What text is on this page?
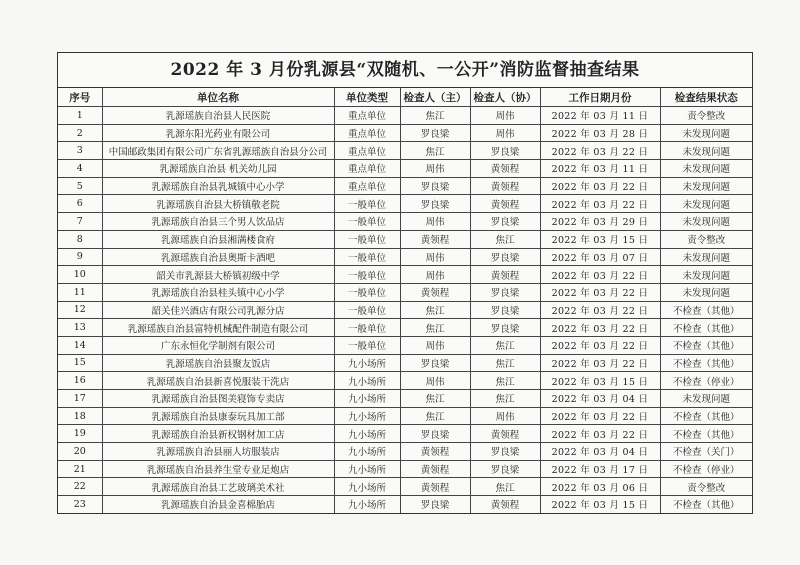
2022 年 3 月份乳源县“双随机、一公开”消防监督抽查结果
序号	单位名称	单位类型	检查人（主）	检查人（协）	工作日期月份	检查结果状态
1	乳源瑶族自治县人民医院	重点单位	焦江	周伟	2022 年 03 月 11 日	责令整改
2	乳源东阳光药业有限公司	重点单位	罗良梁	周伟	2022 年 03 月 28 日	未发现问题
3	中国邮政集团有限公司广东省乳源瑶族自治县分公司	重点单位	焦江	罗良梁	2022 年 03 月 22 日	未发现问题
4	乳源瑶族自治县 机关幼儿园	重点单位	周伟	黄领程	2022 年 03 月 11 日	未发现问题
5	乳源瑶族自治县乳城镇中心小学	重点单位	罗良梁	黄领程	2022 年 03 月 22 日	未发现问题
6	乳源瑶族自治县大桥镇敬老院	一般单位	罗良梁	黄领程	2022 年 03 月 22 日	未发现问题
7	乳源瑶族自治县三个男人饮品店	一般单位	周伟	罗良梁	2022 年 03 月 29 日	未发现问题
8	乳源瑶族自治县湘满楼食府	一般单位	黄领程	焦江	2022 年 03 月 15 日	责令整改
9	乳源瑶族自治县奥斯卡酒吧	一般单位	周伟	罗良梁	2022 年 03 月 07 日	未发现问题
10	韶关市乳源县大桥镇初级中学	一般单位	周伟	黄领程	2022 年 03 月 22 日	未发现问题
11	乳源瑶族自治县桂头镇中心小学	一般单位	黄领程	罗良梁	2022 年 03 月 22 日	未发现问题
12	韶关佳兴酒店有限公司乳源分店	一般单位	焦江	罗良梁	2022 年 03 月 22 日	不检查（其他）
13	乳源瑶族自治县富特机械配件制造有限公司	一般单位	焦江	罗良梁	2022 年 03 月 22 日	不检查（其他）
14	广东永恒化学制剂有限公司	一般单位	周伟	焦江	2022 年 03 月 22 日	不检查（其他）
15	乳源瑶族自治县聚友饭店	九小场所	罗良梁	焦江	2022 年 03 月 22 日	不检查（其他）
16	乳源瑶族自治县新喜悦服装干洗店	九小场所	周伟	焦江	2022 年 03 月 15 日	不检查（停业）
17	乳源瑶族自治县图美寝饰专卖店	九小场所	焦江	焦江	2022 年 03 月 04 日	未发现问题
18	乳源瑶族自治县康泰玩具加工部	九小场所	焦江	周伟	2022 年 03 月 22 日	不检查（其他）
19	乳源瑶族自治县新权钢材加工店	九小场所	罗良梁	黄领程	2022 年 03 月 22 日	不检查（其他）
20	乳源瑶族自治县丽人坊服装店	九小场所	黄领程	罗良梁	2022 年 03 月 04 日	不检查（关门）
21	乳源瑶族自治县养生堂专业足炮店	九小场所	黄领程	罗良梁	2022 年 03 月 17 日	不检查（停业）
22	乳源瑶族自治县工艺玻璃美术社	九小场所	黄领程	焦江	2022 年 03 月 06 日	责令整改
23	乳源瑶族自治县金喜棉胎店	九小场所	罗良梁	黄领程	2022 年 03 月 15 日	不检查（其他）
